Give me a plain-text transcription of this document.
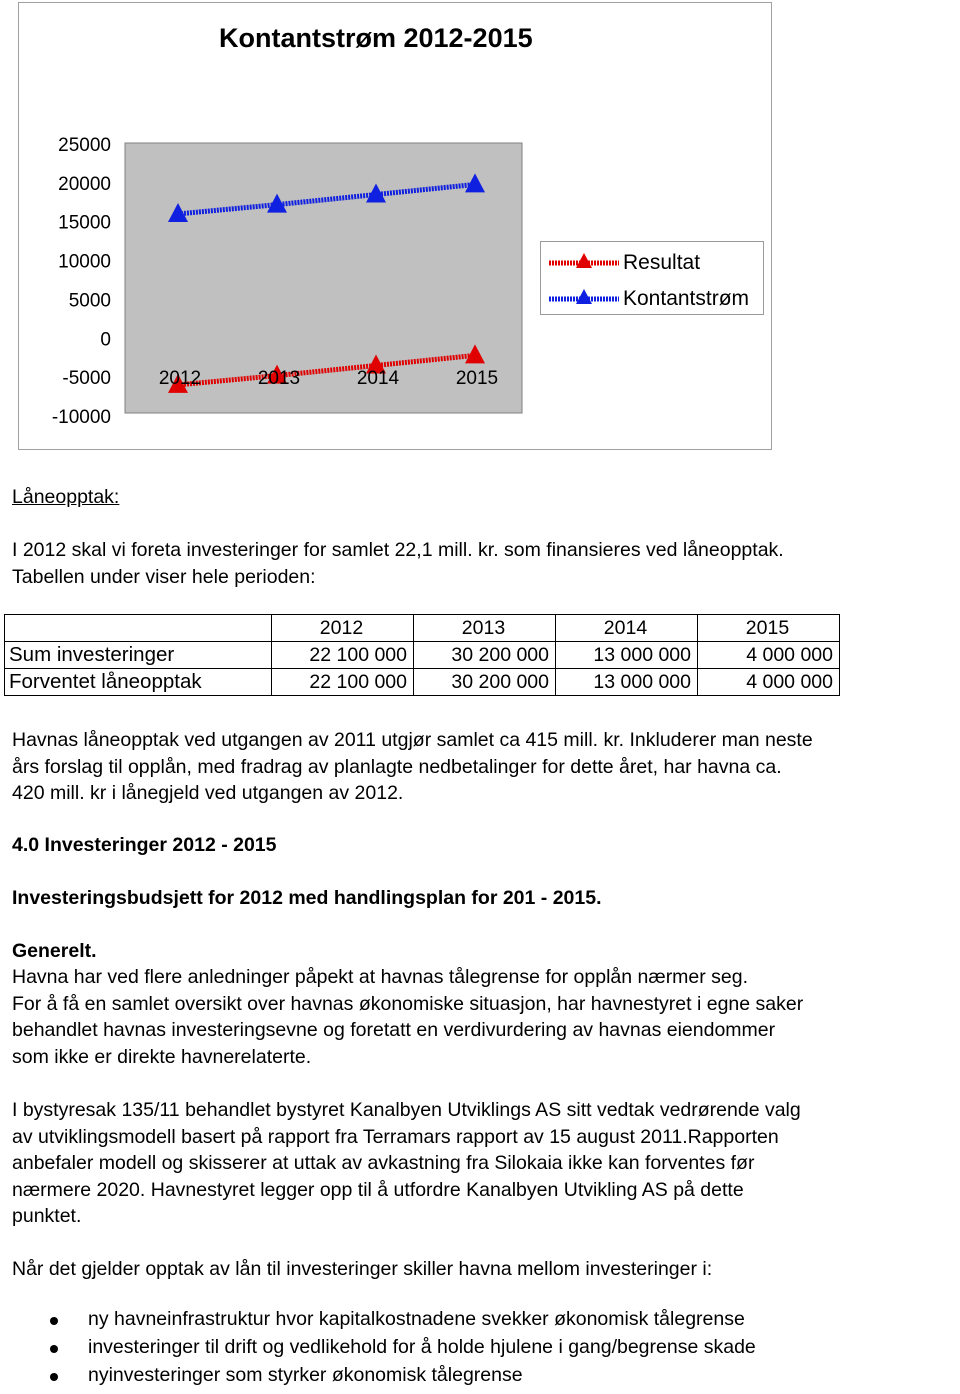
Kontantstrøm 2012-2015
25000
20000
15000
10000
5000
0
-5000
-10000
2012	2013	2014	2015
Resultat
Kontantstrøm
Låneopptak:
I 2012 skal vi foreta investeringer for samlet 22,1 mill. kr. som finansieres ved låneopptak.
Tabellen under viser hele perioden:
	2012	2013	2014	2015
Sum investeringer	22 100 000	30 200 000	13 000 000	4 000 000
Forventet låneopptak	22 100 000	30 200 000	13 000 000	4 000 000
Havnas låneopptak ved utgangen av 2011 utgjør samlet ca 415 mill. kr. Inkluderer man neste
års forslag til opplån, med fradrag av planlagte nedbetalinger for dette året, har havna ca.
420 mill. kr i lånegjeld ved utgangen av 2012.
4.0 Investeringer 2012 - 2015
Investeringsbudsjett for 2012 med handlingsplan for 201 - 2015.
Generelt.
Havna har ved flere anledninger påpekt at havnas tålegrense for opplån nærmer seg.
For å få en samlet oversikt over havnas økonomiske situasjon, har havnestyret i egne saker
behandlet havnas investeringsevne og foretatt en verdivurdering av havnas eiendommer
som ikke er direkte havnerelaterte.
I bystyresak 135/11 behandlet bystyret Kanalbyen Utviklings AS sitt vedtak vedrørende valg
av utviklingsmodell basert på rapport fra Terramars rapport av 15 august 2011.Rapporten
anbefaler modell og skisserer at uttak av avkastning fra Silokaia ikke kan forventes før
nærmere 2020. Havnestyret legger opp til å utfordre Kanalbyen Utvikling AS på dette
punktet.
Når det gjelder opptak av lån til investeringer skiller havna mellom investeringer i:
ny havneinfrastruktur hvor kapitalkostnadene svekker økonomisk tålegrense
investeringer til drift og vedlikehold for å holde hjulene i gang/begrense skade
nyinvesteringer som styrker økonomisk tålegrense
